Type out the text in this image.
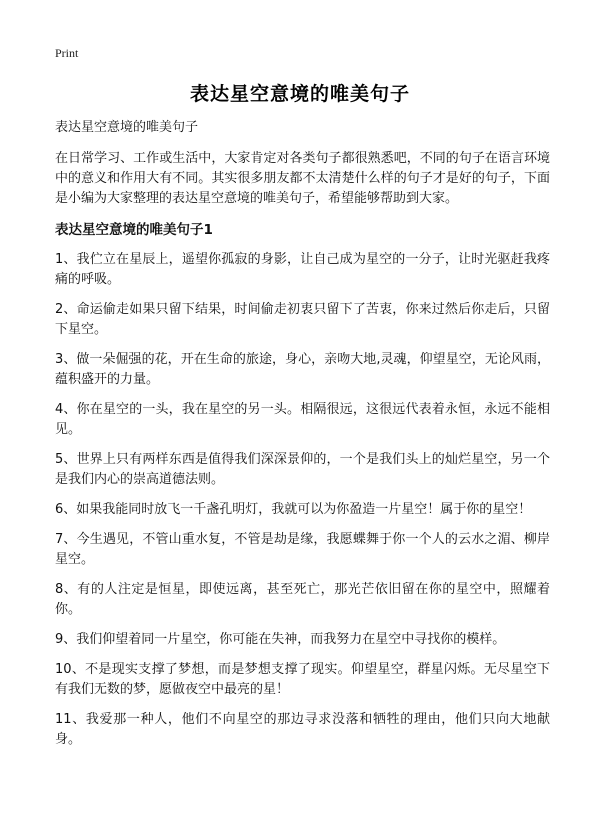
Print
表达星空意境的唯美句子

表达星空意境的唯美句子

在日常学习、工作或生活中，大家肯定对各类句子都很熟悉吧，不同的句子在语言环境中的意义和作用大有不同。其实很多朋友都不太清楚什么样的句子才是好的句子，下面是小编为大家整理的表达星空意境的唯美句子，希望能够帮助到大家。

表达星空意境的唯美句子1

1、我伫立在星辰上，遥望你孤寂的身影，让自己成为星空的一分子，让时光驱赶我疼痛的呼吸。

2、命运偷走如果只留下结果，时间偷走初衷只留下了苦衷，你来过然后你走后，只留下星空。

3、做一朵倔强的花，开在生命的旅途，身心，亲吻大地,灵魂，仰望星空，无论风雨，蕴积盛开的力量。

4、你在星空的一头，我在星空的另一头。相隔很远，这很远代表着永恒，永远不能相见。

5、世界上只有两样东西是值得我们深深景仰的，一个是我们头上的灿烂星空，另一个是我们内心的崇高道德法则。

6、如果我能同时放飞一千盏孔明灯，我就可以为你盈造一片星空！属于你的星空！

7、今生遇见，不管山重水复，不管是劫是缘，我愿蝶舞于你一个人的云水之湄、柳岸星空。

8、有的人注定是恒星，即使远离，甚至死亡，那光芒依旧留在你的星空中，照耀着你。

9、我们仰望着同一片星空，你可能在失神，而我努力在星空中寻找你的模样。

10、不是现实支撑了梦想，而是梦想支撑了现实。仰望星空，群星闪烁。无尽星空下有我们无数的梦，愿做夜空中最亮的星！

11、我爱那一种人，他们不向星空的那边寻求没落和牺牲的理由，他们只向大地献身。
